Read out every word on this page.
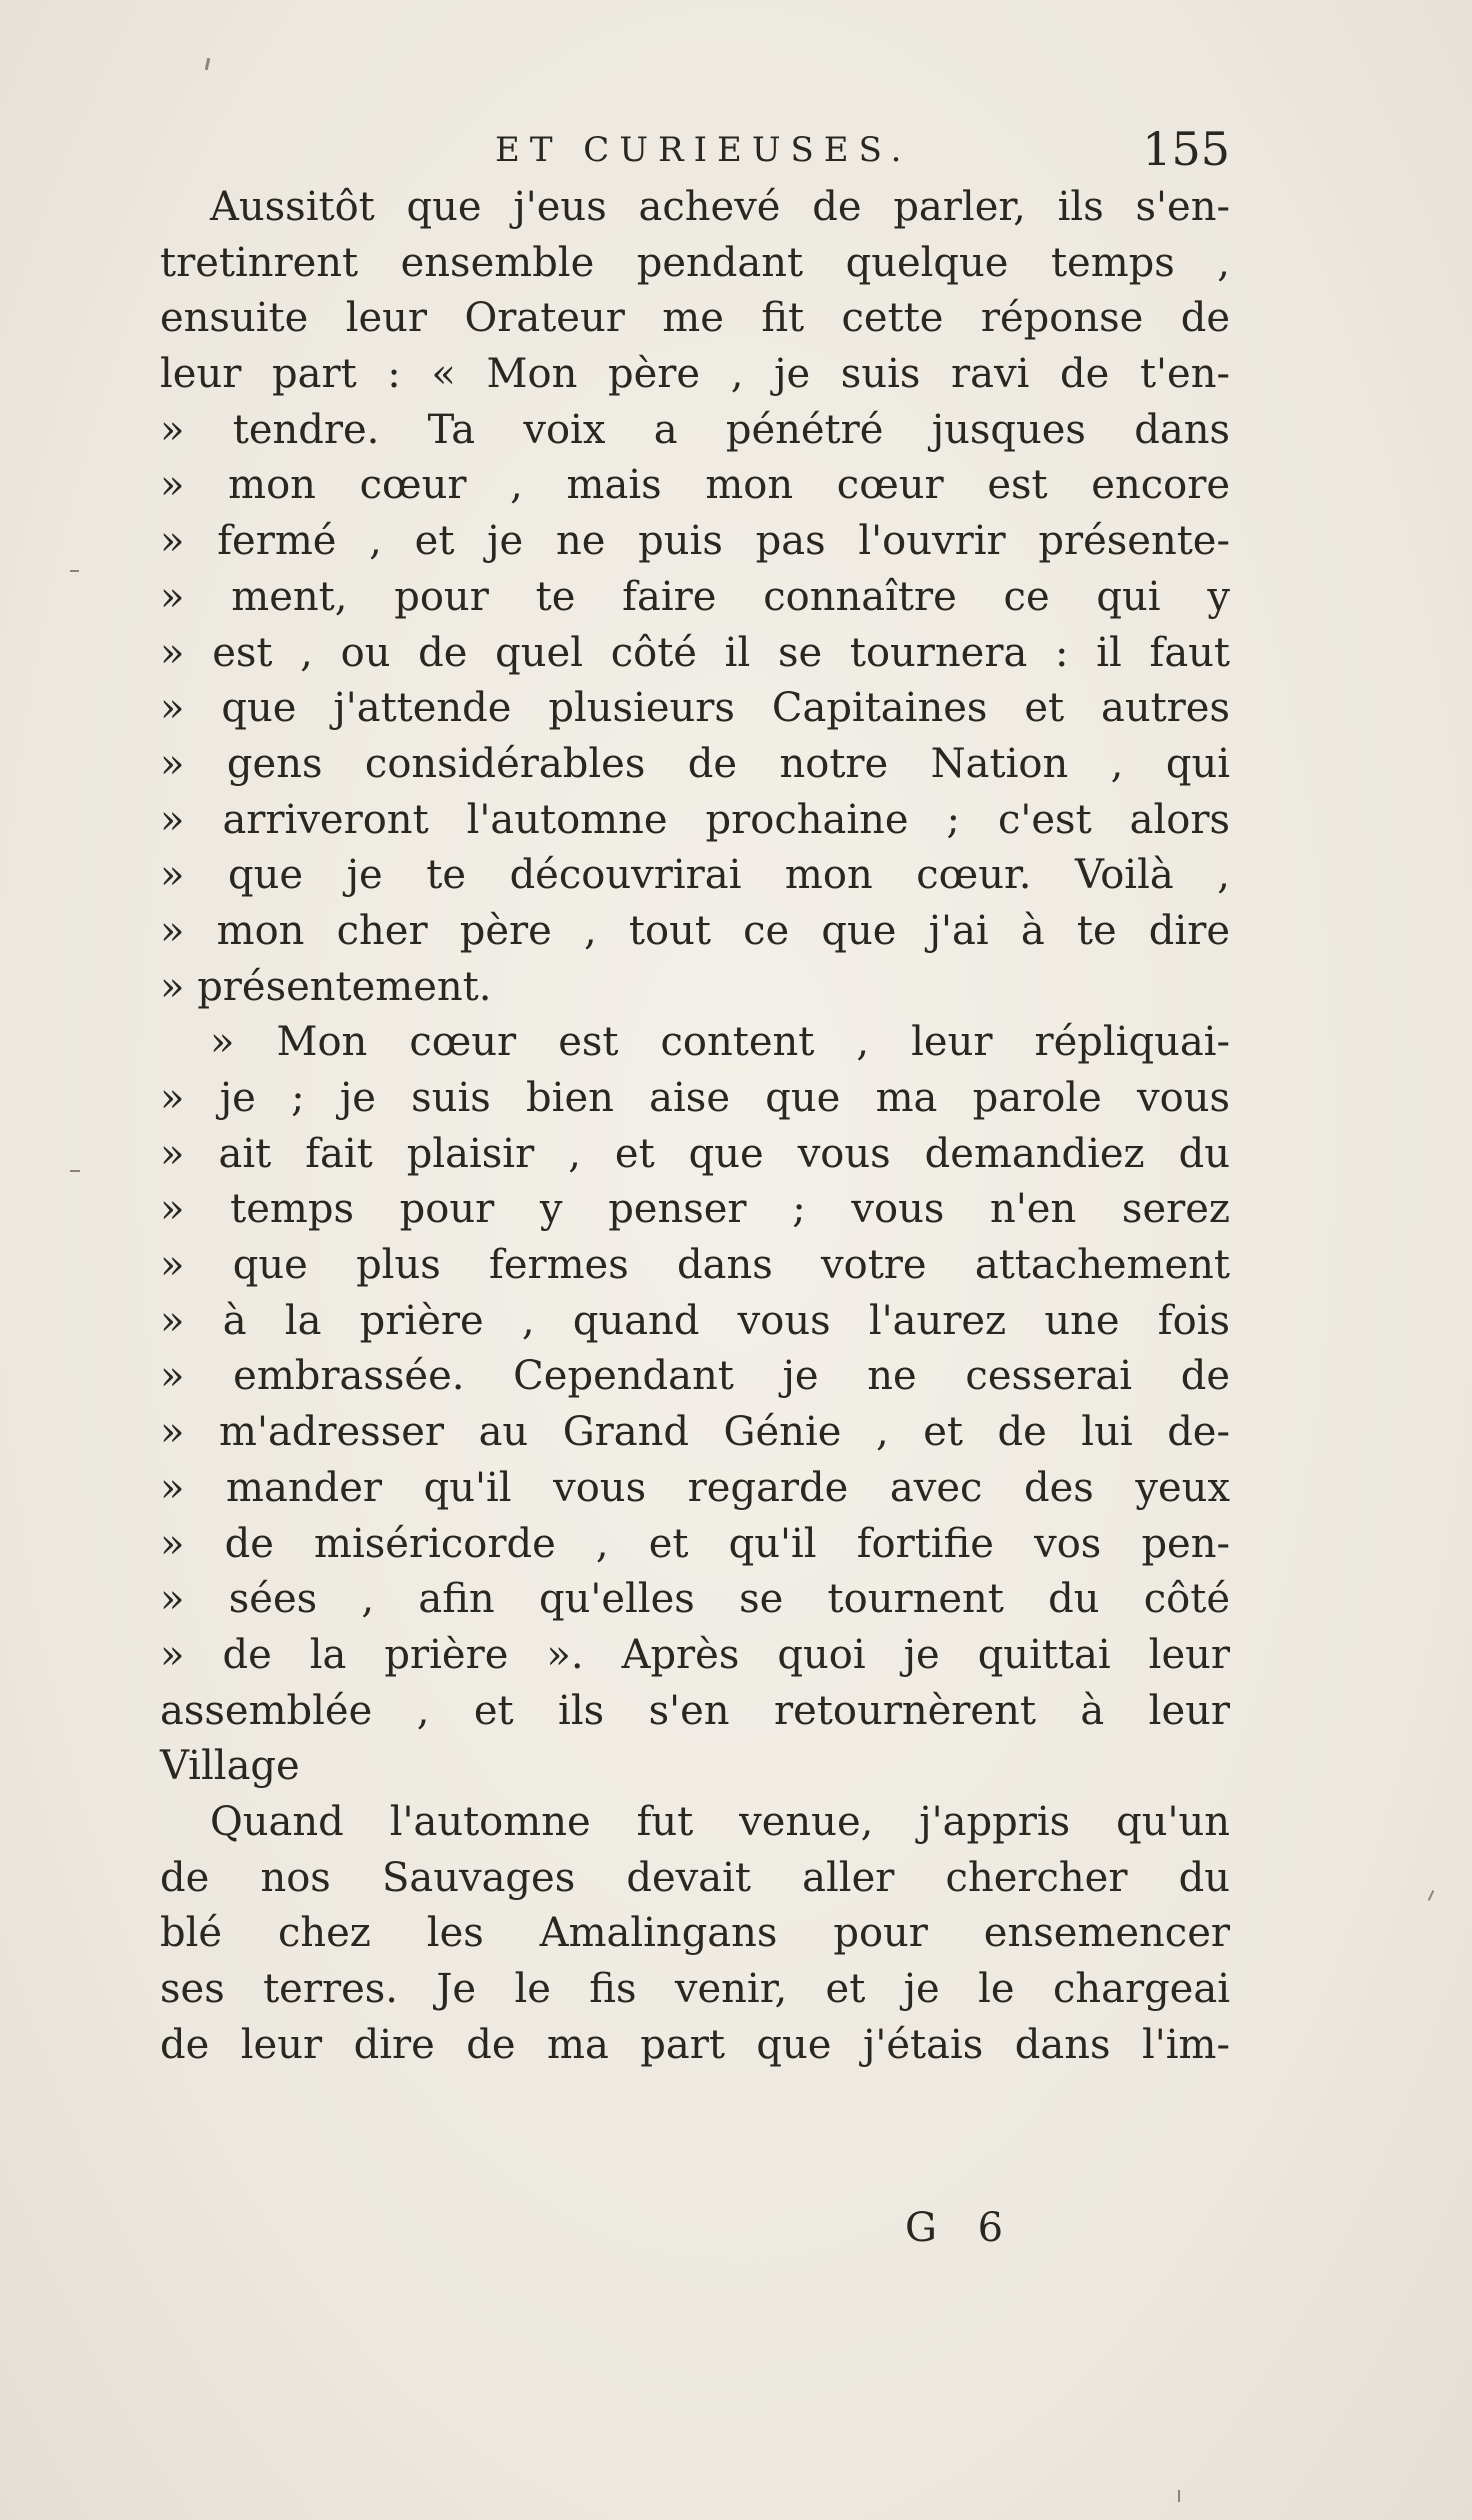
ET CURIEUSES.	155
Aussitôt que j'eus achevé de parler, ils s'en-
tretinrent ensemble pendant quelque temps ,
ensuite leur Orateur me fit cette réponse de
leur part : « Mon père , je suis ravi de t'en-
» tendre. Ta voix a pénétré jusques dans
» mon cœur , mais mon cœur est encore
» fermé , et je ne puis pas l'ouvrir présente-
» ment, pour te faire connaître ce qui y
» est , ou de quel côté il se tournera : il faut
» que j'attende plusieurs Capitaines et autres
» gens considérables de notre Nation , qui
» arriveront l'automne prochaine ; c'est alors
» que je te découvrirai mon cœur. Voilà ,
» mon cher père , tout ce que j'ai à te dire
» présentement.
» Mon cœur est content , leur répliquai-
» je ; je suis bien aise que ma parole vous
» ait fait plaisir , et que vous demandiez du
» temps pour y penser ; vous n'en serez
» que plus fermes dans votre attachement
» à la prière , quand vous l'aurez une fois
» embrassée. Cependant je ne cesserai de
» m'adresser au Grand Génie , et de lui de-
» mander qu'il vous regarde avec des yeux
» de miséricorde , et qu'il fortifie vos pen-
» sées , afin qu'elles se tournent du côté
» de la prière ». Après quoi je quittai leur
assemblée , et ils s'en retournèrent à leur
Village
Quand l'automne fut venue, j'appris qu'un
de nos Sauvages devait aller chercher du
blé chez les Amalingans pour ensemencer
ses terres. Je le fis venir, et je le chargeai
de leur dire de ma part que j'étais dans l'im-
G 6
